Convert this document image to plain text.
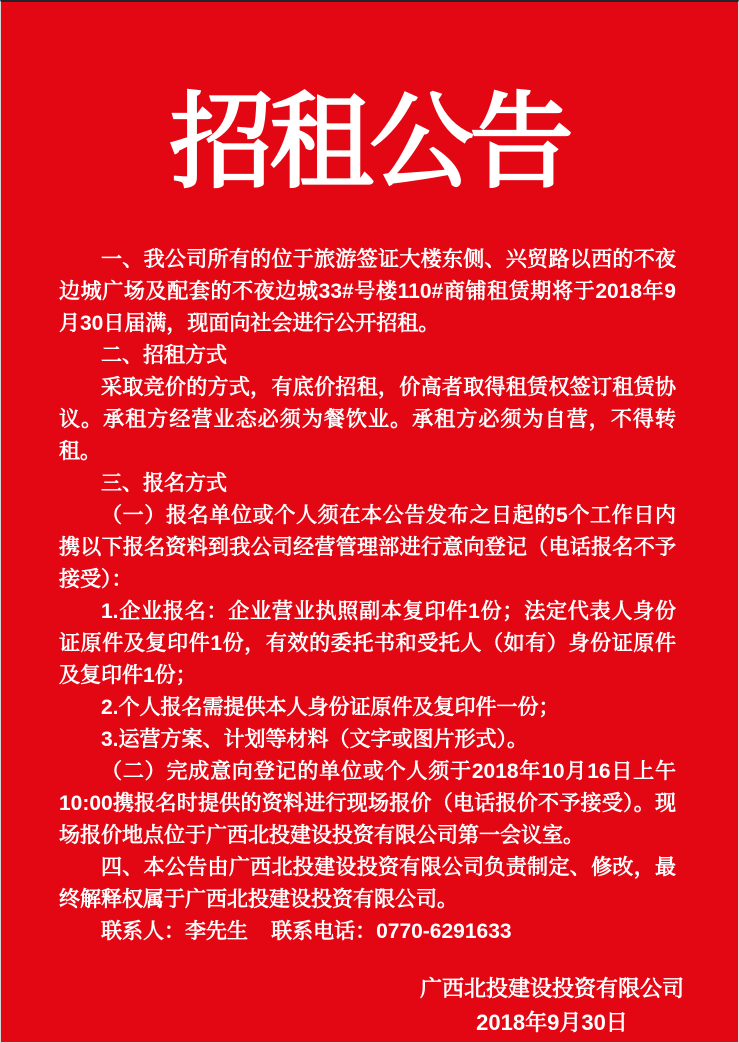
招租公告

一、我公司所有的位于旅游签证大楼东侧、兴贸路以西的不夜边城广场及配套的不夜边城33#号楼110#商铺租赁期将于2018年9月30日届满，现面向社会进行公开招租。

二、招租方式

采取竞价的方式，有底价招租，价高者取得租赁权签订租赁协议。承租方经营业态必须为餐饮业。承租方必须为自营，不得转租。

三、报名方式

（一）报名单位或个人须在本公告发布之日起的5个工作日内携以下报名资料到我公司经营管理部进行意向登记（电话报名不予接受）：

1.企业报名：企业营业执照副本复印件1份；法定代表人身份证原件及复印件1份，有效的委托书和受托人（如有）身份证原件及复印件1份；

2.个人报名需提供本人身份证原件及复印件一份；

3.运营方案、计划等材料（文字或图片形式）。

（二）完成意向登记的单位或个人须于2018年10月16日上午10:00携报名时提供的资料进行现场报价（电话报价不予接受）。现场报价地点位于广西北投建设投资有限公司第一会议室。

四、本公告由广西北投建设投资有限公司负责制定、修改，最终解释权属于广西北投建设投资有限公司。

联系人：李先生 联系电话：0770-6291633

广西北投建设投资有限公司
2018年9月30日
